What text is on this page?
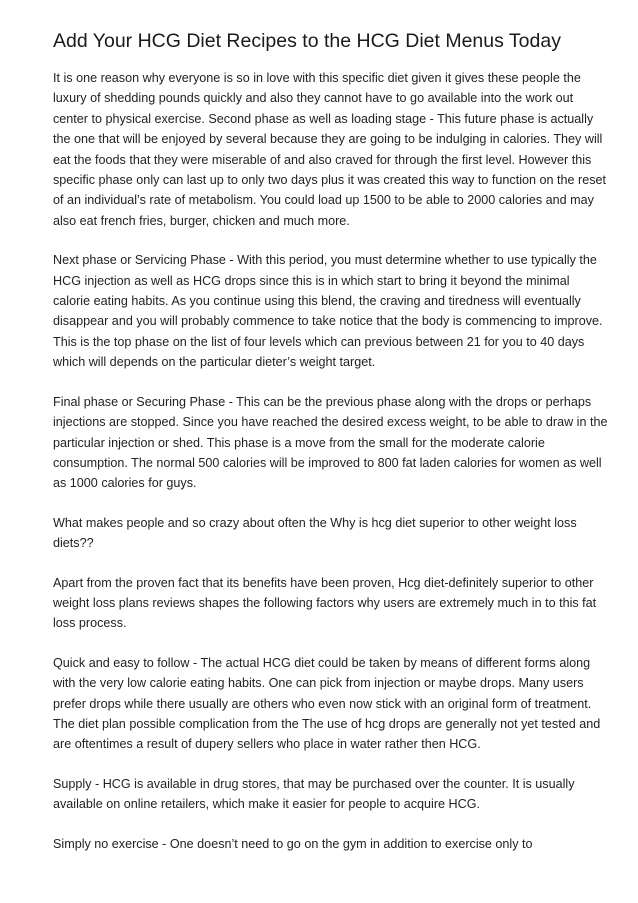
Add Your HCG Diet Recipes to the HCG Diet Menus Today

It is one reason why everyone is so in love with this specific diet given it gives these people the luxury of shedding pounds quickly and also they cannot have to go available into the work out center to physical exercise. Second phase as well as loading stage - This future phase is actually the one that will be enjoyed by several because they are going to be indulging in calories. They will eat the foods that they were miserable of and also craved for through the first level. However this specific phase only can last up to only two days plus it was created this way to function on the reset of an individual’s rate of metabolism. You could load up 1500 to be able to 2000 calories and may also eat french fries, burger, chicken and much more.

Next phase or Servicing Phase - With this period, you must determine whether to use typically the HCG injection as well as HCG drops since this is in which start to bring it beyond the minimal calorie eating habits. As you continue using this blend, the craving and tiredness will eventually disappear and you will probably commence to take notice that the body is commencing to improve. This is the top phase on the list of four levels which can previous between 21 for you to 40 days which will depends on the particular dieter’s weight target.

Final phase or Securing Phase - This can be the previous phase along with the drops or perhaps injections are stopped. Since you have reached the desired excess weight, to be able to draw in the particular injection or shed. This phase is a move from the small for the moderate calorie consumption. The normal 500 calories will be improved to 800 fat laden calories for women as well as 1000 calories for guys.

What makes people and so crazy about often the Why is hcg diet superior to other weight loss diets??

Apart from the proven fact that its benefits have been proven, Hcg diet-definitely superior to other weight loss plans reviews shapes the following factors why users are extremely much in to this fat loss process.

Quick and easy to follow - The actual HCG diet could be taken by means of different forms along with the very low calorie eating habits. One can pick from injection or maybe drops. Many users prefer drops while there usually are others who even now stick with an original form of treatment. The diet plan possible complication from the The use of hcg drops are generally not yet tested and are oftentimes a result of dupery sellers who place in water rather then HCG.

Supply - HCG is available in drug stores, that may be purchased over the counter. It is usually available on online retailers, which make it easier for people to acquire HCG.

Simply no exercise - One doesn’t need to go on the gym in addition to exercise only to
